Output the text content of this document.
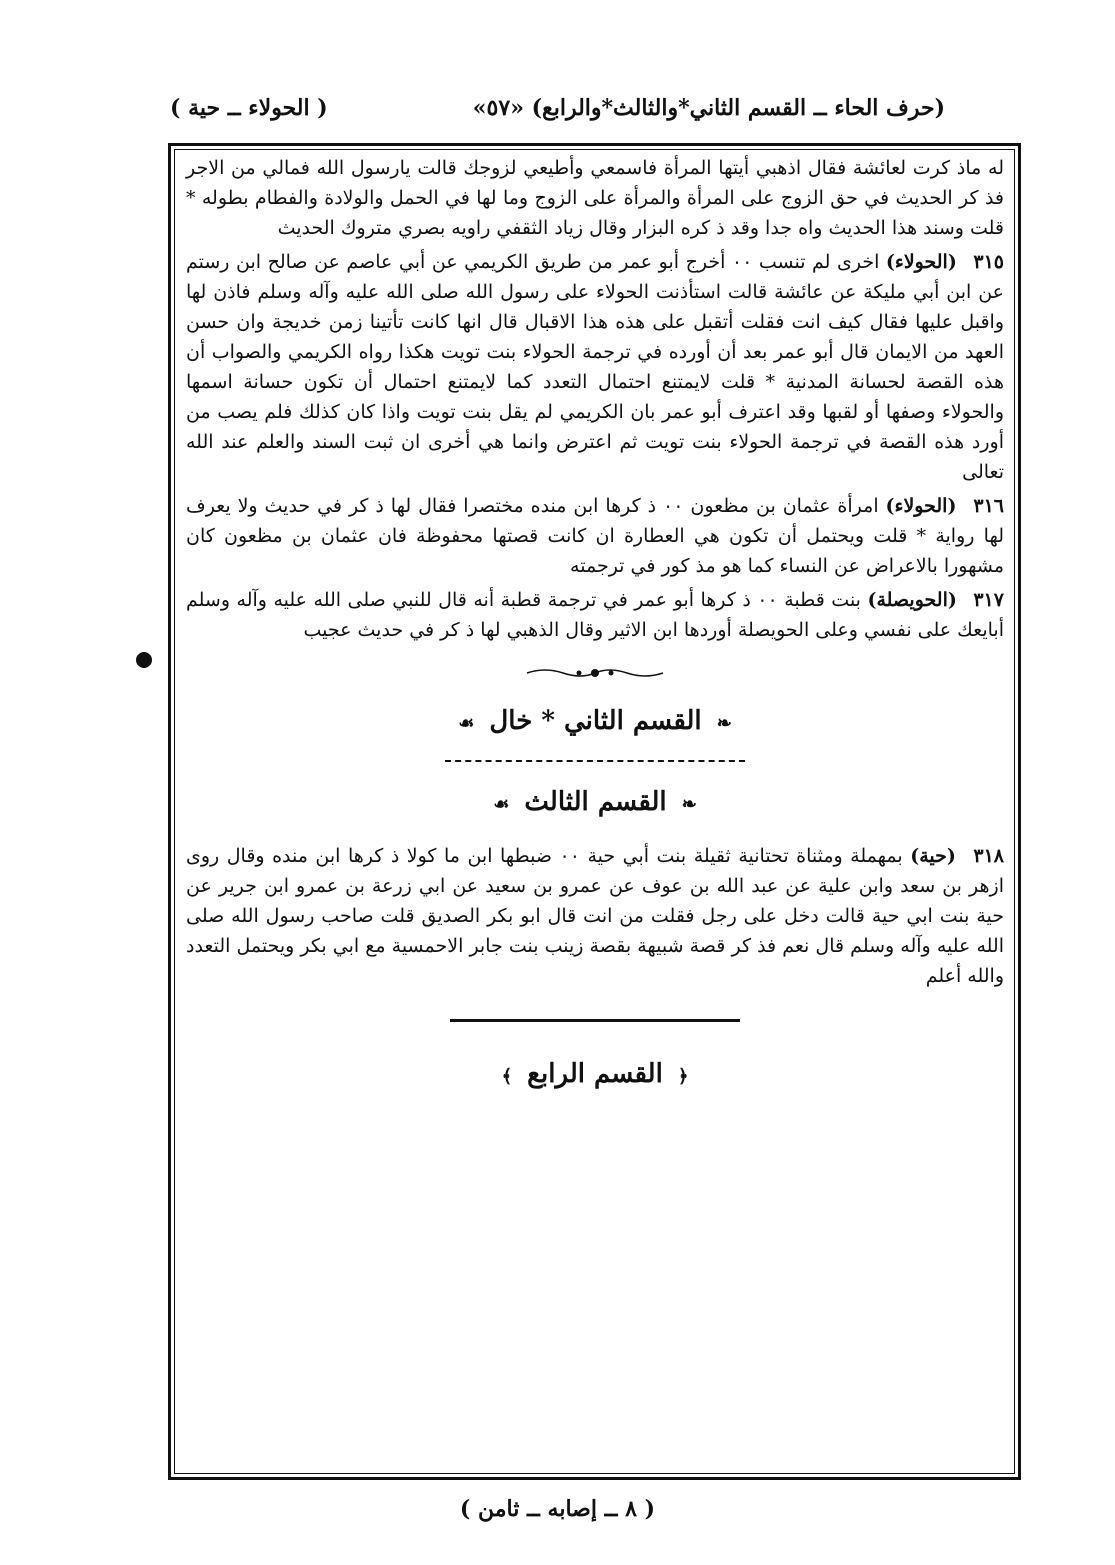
(حرف الحاء ــ القسم الثاني*والثالث*والرابع) «٥٧»
( الحولاء ــ حية )

له ماذ كرت لعائشة فقال اذهبي أيتها المرأة فاسمعي وأطيعي لزوجك قالت يارسول الله فمالي من الاجر فذ كر الحديث في حق الزوج على المرأة والمرأة على الزوج وما لها في الحمل والولادة والفطام بطوله * قلت وسند هذا الحديث واه جدا وقد ذ كره البزار وقال زياد الثقفي راويه بصري متروك الحديث

٣١٥ (الحولاء) اخرى لم تنسب ٠٠ أخرج أبو عمر من طريق الكريمي عن أبي عاصم عن صالح ابن رستم عن ابن أبي مليكة عن عائشة قالت استأذنت الحولاء على رسول الله صلى الله عليه وآله وسلم فاذن لها واقبل عليها فقال كيف انت فقلت أتقبل على هذه هذا الاقبال قال انها كانت تأتينا زمن خديجة وان حسن العهد من الايمان قال أبو عمر بعد أن أورده في ترجمة الحولاء بنت تويت هكذا رواه الكريمي والصواب أن هذه القصة لحسانة المدنية * قلت لايمتنع احتمال التعدد كما لايمتنع احتمال أن تكون حسانة اسمها والحولاء وصفها أو لقبها وقد اعترف أبو عمر بان الكريمي لم يقل بنت تويت واذا كان كذلك فلم يصب من أورد هذه القصة في ترجمة الحولاء بنت تويت ثم اعترض وانما هي أخرى ان ثبت السند والعلم عند الله تعالى

٣١٦ (الحولاء) امرأة عثمان بن مظعون ٠٠ ذ كرها ابن منده مختصرا فقال لها ذ كر في حديث ولا يعرف لها رواية * قلت ويحتمل أن تكون هي العطارة ان كانت قصتها محفوظة فان عثمان بن مظعون كان مشهورا بالاعراض عن النساء كما هو مذ كور في ترجمته

٣١٧ (الحويصلة) بنت قطبة ٠٠ ذ كرها أبو عمر في ترجمة قطبة أنه قال للنبي صلى الله عليه وآله وسلم أبايعك على نفسي وعلى الحويصلة أوردها ابن الاثير وقال الذهبي لها ذ كر في حديث عجيب

❧ القسم الثاني * خال ☙
❧ القسم الثالث ☙

٣١٨ (حية) بمهملة ومثناة تحتانية ثقيلة بنت أبي حية ٠٠ ضبطها ابن ما كولا ذ كرها ابن منده وقال روى ازهر بن سعد وابن علية عن عبد الله بن عوف عن عمرو بن سعيد عن ابي زرعة بن عمرو ابن جرير عن حية بنت ابي حية قالت دخل على رجل فقلت من انت قال ابو بكر الصديق قلت صاحب رسول الله صلى الله عليه وآله وسلم قال نعم فذ كر قصة شبيهة بقصة زينب بنت جابر الاحمسية مع ابي بكر ويحتمل التعدد والله أعلم

﴿ القسم الرابع ﴾
( ٨ ــ إصابه ــ ثامن )
